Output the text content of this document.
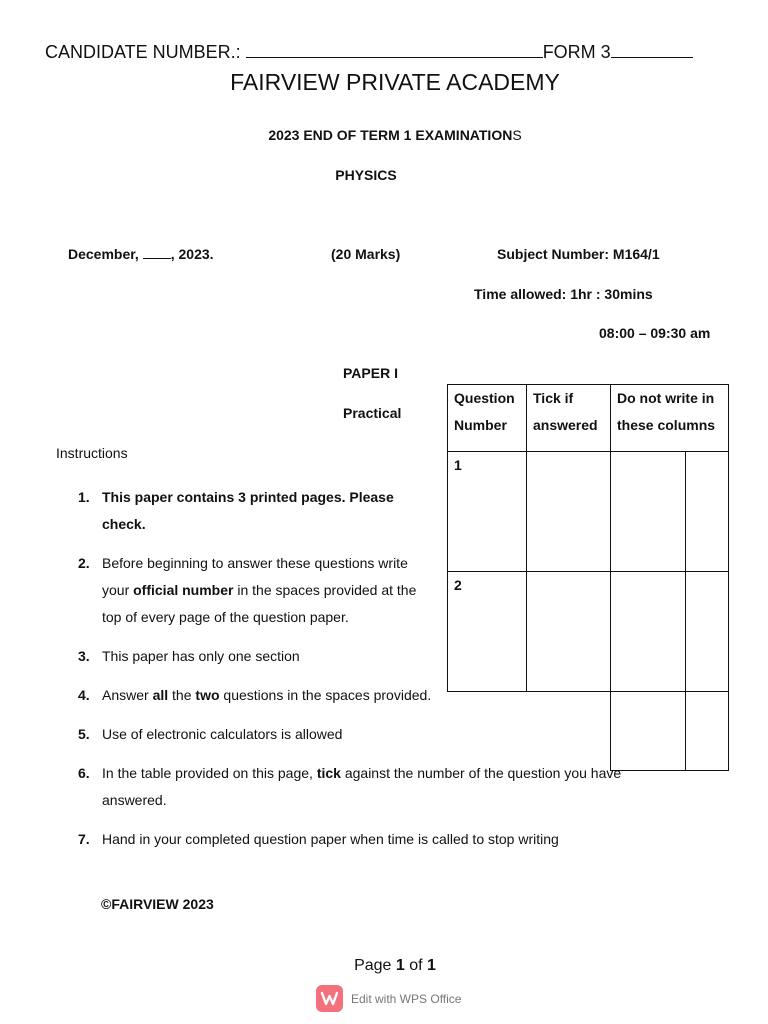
CANDIDATE NUMBER.:	FORM 3
FAIRVIEW PRIVATE ACADEMY
2023 END OF TERM 1 EXAMINATIONS
PHYSICS
December, , 2023.	(20 Marks)	Subject Number: M164/1
Time allowed: 1hr : 30mins
08:00 – 09:30 am
PAPER I
Practical
Question Number	Tick if answered	Do not write in these columns	
1			
2			

Instructions
1. This paper contains 3 printed pages. Please check.
2. Before beginning to answer these questions write your official number in the spaces provided at the top of every page of the question paper.
3. This paper has only one section
4. Answer all the two questions in the spaces provided.
5. Use of electronic calculators is allowed
6. In the table provided on this page, tick against the number of the question you have answered.
7. Hand in your completed question paper when time is called to stop writing
©FAIRVIEW 2023
Page 1 of 1
Edit with WPS Office
